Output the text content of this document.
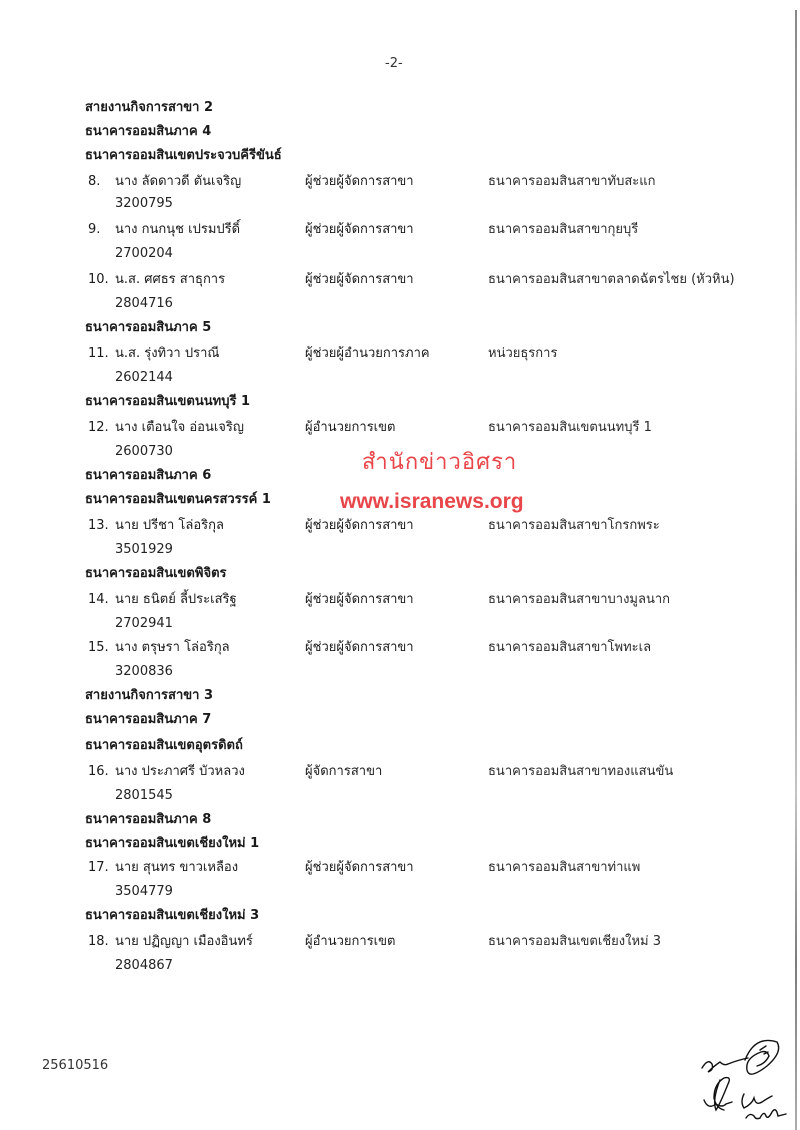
-2-
สายงานกิจการสาขา 2
ธนาคารออมสินภาค 4
ธนาคารออมสินเขตประจวบคีรีขันธ์
8. นาง ลัดดาวดี ตันเจริญ
3200795
ผู้ช่วยผู้จัดการสาขา	ธนาคารออมสินสาขาทับสะแก
9. นาง กนกนุช เปรมปรีดิ์
2700204
ผู้ช่วยผู้จัดการสาขา	ธนาคารออมสินสาขากุยบุรี
10. น.ส. ศศธร สาธุการ
2804716
ผู้ช่วยผู้จัดการสาขา	ธนาคารออมสินสาขาตลาดฉัตรไชย (หัวหิน)
ธนาคารออมสินภาค 5
11. น.ส. รุ่งทิวา ปราณี
2602144
ผู้ช่วยผู้อำนวยการภาค	หน่วยธุรการ
ธนาคารออมสินเขตนนทบุรี 1
12. นาง เตือนใจ อ่อนเจริญ
2600730
ผู้อำนวยการเขต	ธนาคารออมสินเขตนนทบุรี 1
สำนักข่าวอิศรา
ธนาคารออมสินภาค 6
ธนาคารออมสินเขตนครสวรรค์ 1	www.isranews.org
13. นาย ปรีชา โล่อริกุล
3501929
ผู้ช่วยผู้จัดการสาขา	ธนาคารออมสินสาขาโกรกพระ
ธนาคารออมสินเขตพิจิตร
14. นาย ธนิตย์ ลี้ประเสริฐ
2702941
ผู้ช่วยผู้จัดการสาขา	ธนาคารออมสินสาขาบางมูลนาก
15. นาง ตรุษรา โล่อริกุล
3200836
ผู้ช่วยผู้จัดการสาขา	ธนาคารออมสินสาขาโพทะเล
สายงานกิจการสาขา 3
ธนาคารออมสินภาค 7
ธนาคารออมสินเขตอุตรดิตถ์
16. นาง ประภาศรี บัวหลวง
2801545
ผู้จัดการสาขา	ธนาคารออมสินสาขาทองแสนขัน
ธนาคารออมสินภาค 8
ธนาคารออมสินเขตเชียงใหม่ 1
17. นาย สุนทร ขาวเหลือง
3504779
ผู้ช่วยผู้จัดการสาขา	ธนาคารออมสินสาขาท่าแพ
ธนาคารออมสินเขตเชียงใหม่ 3
18. นาย ปฏิญญา เมืองอินทร์
2804867
ผู้อำนวยการเขต	ธนาคารออมสินเขตเชียงใหม่ 3
25610516
